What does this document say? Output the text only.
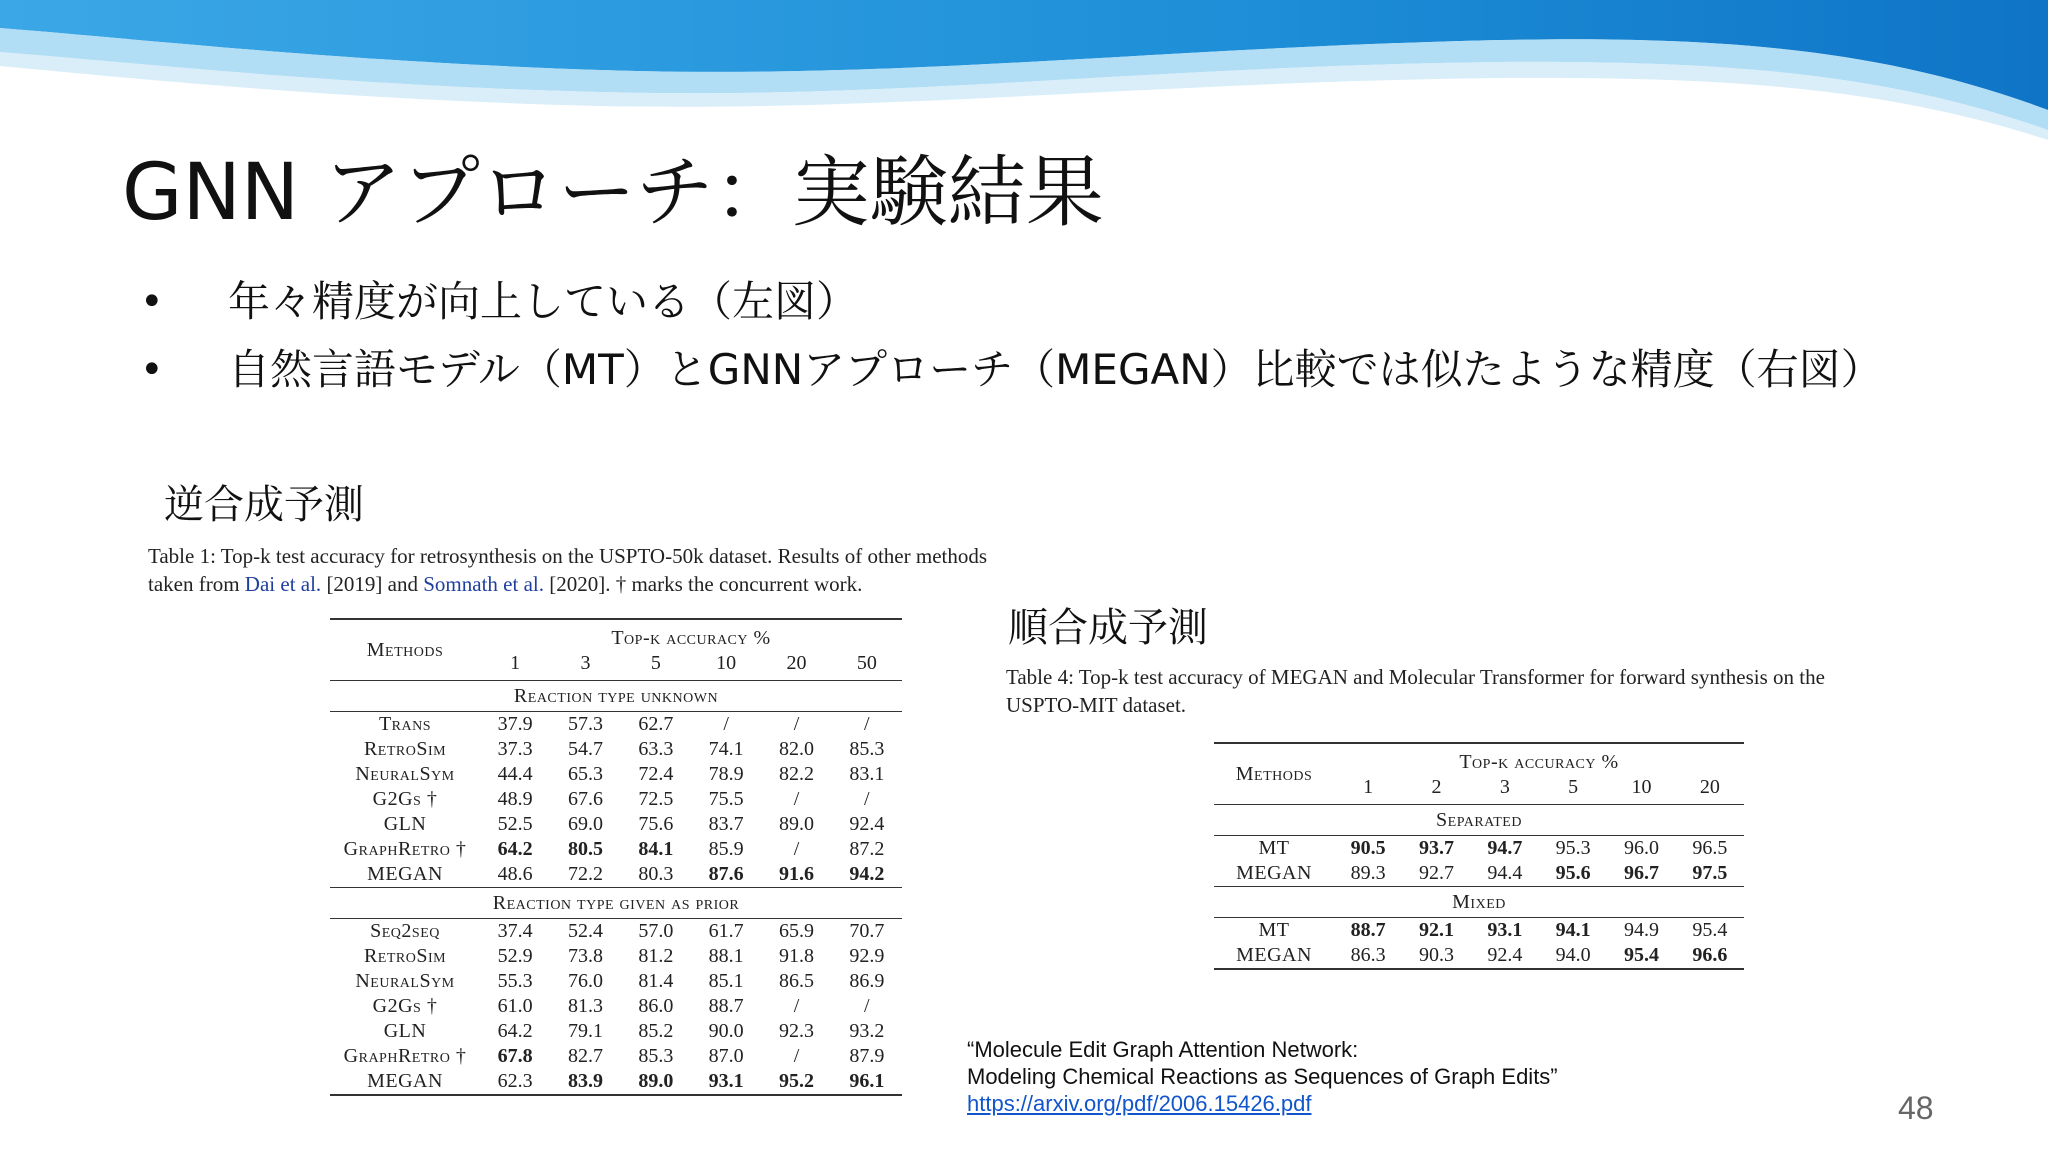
GNN アプローチ：実験結果
• 年々精度が向上している（左図）
• 自然言語モデル（MT）とGNNアプローチ（MEGAN）比較では似たような精度（右図）
逆合成予測
Table 1: Top-k test accuracy for retrosynthesis on the USPTO-50k dataset. Results of other methods
taken from Dai et al. [2019] and Somnath et al. [2020]. † marks the concurrent work.
Methods	Top-k accuracy %					
	1	3	5	10	20	50
Reaction type unknown						
Trans	37.9	57.3	62.7	/	/	/
RetroSim	37.3	54.7	63.3	74.1	82.0	85.3
NeuralSym	44.4	65.3	72.4	78.9	82.2	83.1
G2Gs †	48.9	67.6	72.5	75.5	/	/
GLN	52.5	69.0	75.6	83.7	89.0	92.4
GraphRetro †	64.2	80.5	84.1	85.9	/	87.2
MEGAN	48.6	72.2	80.3	87.6	91.6	94.2
Reaction type given as prior						
Seq2seq	37.4	52.4	57.0	61.7	65.9	70.7
RetroSim	52.9	73.8	81.2	88.1	91.8	92.9
NeuralSym	55.3	76.0	81.4	85.1	86.5	86.9
G2Gs †	61.0	81.3	86.0	88.7	/	/
GLN	64.2	79.1	85.2	90.0	92.3	93.2
GraphRetro †	67.8	82.7	85.3	87.0	/	87.9
MEGAN	62.3	83.9	89.0	93.1	95.2	96.1
順合成予測
Table 4: Top-k test accuracy of MEGAN and Molecular Transformer for forward synthesis on the
USPTO-MIT dataset.
Methods	Top-k accuracy %					
	1	2	3	5	10	20
Separated						
MT	90.5	93.7	94.7	95.3	96.0	96.5
MEGAN	89.3	92.7	94.4	95.6	96.7	97.5
Mixed						
MT	88.7	92.1	93.1	94.1	94.9	95.4
MEGAN	86.3	90.3	92.4	94.0	95.4	96.6
“Molecule Edit Graph Attention Network:
Modeling Chemical Reactions as Sequences of Graph Edits”
https://arxiv.org/pdf/2006.15426.pdf	48
